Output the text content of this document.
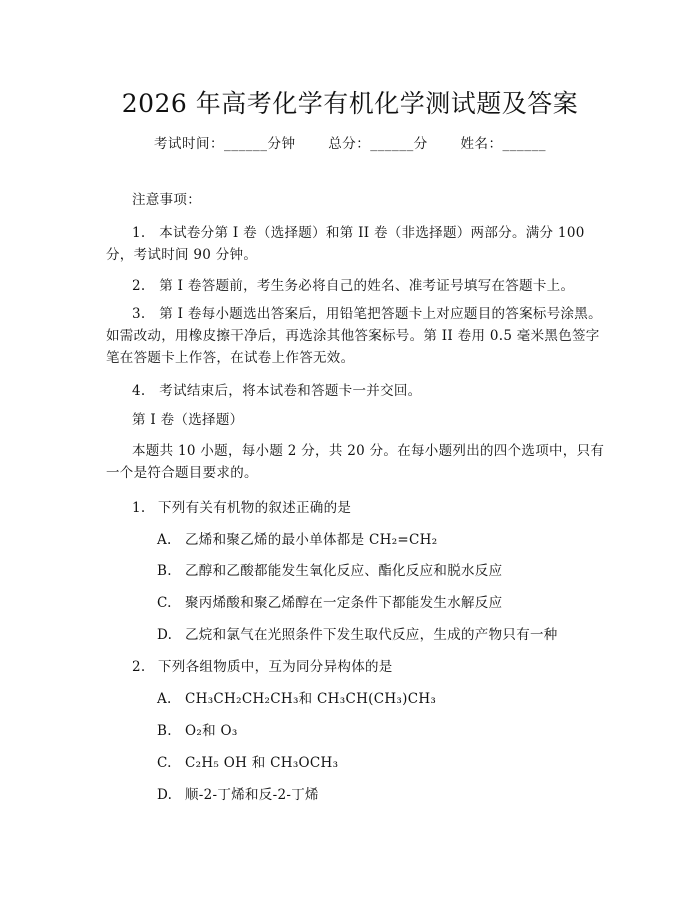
2026 年高考化学有机化学测试题及答案
考试时间：______分钟 总分：______分 姓名：______
注意事项：
1.　本试卷分第 I 卷（选择题）和第 II 卷（非选择题）两部分。满分 100 分，考试时间 90 分钟。
2.　第 I 卷答题前，考生务必将自己的姓名、准考证号填写在答题卡上。
3.　第 I 卷每小题选出答案后，用铅笔把答题卡上对应题目的答案标号涂黑。如需改动，用橡皮擦干净后，再选涂其他答案标号。第 II 卷用 0.5 毫米黑色签字笔在答题卡上作答，在试卷上作答无效。
4.　考试结束后，将本试卷和答题卡一并交回。
第 I 卷（选择题）
本题共 10 小题，每小题 2 分，共 20 分。在每小题列出的四个选项中，只有一个是符合题目要求的。
1. 下列有关有机物的叙述正确的是
A. 乙烯和聚乙烯的最小单体都是 CH₂=CH₂
B. 乙醇和乙酸都能发生氧化反应、酯化反应和脱水反应
C. 聚丙烯酸和聚乙烯醇在一定条件下都能发生水解反应
D. 乙烷和氯气在光照条件下发生取代反应，生成的产物只有一种
2. 下列各组物质中，互为同分异构体的是
A. CH₃CH₂CH₂CH₃和 CH₃CH(CH₃)CH₃
B. O₂和 O₃
C. C₂H₅ OH 和 CH₃OCH₃
D. 顺-2-丁烯和反-2-丁烯
